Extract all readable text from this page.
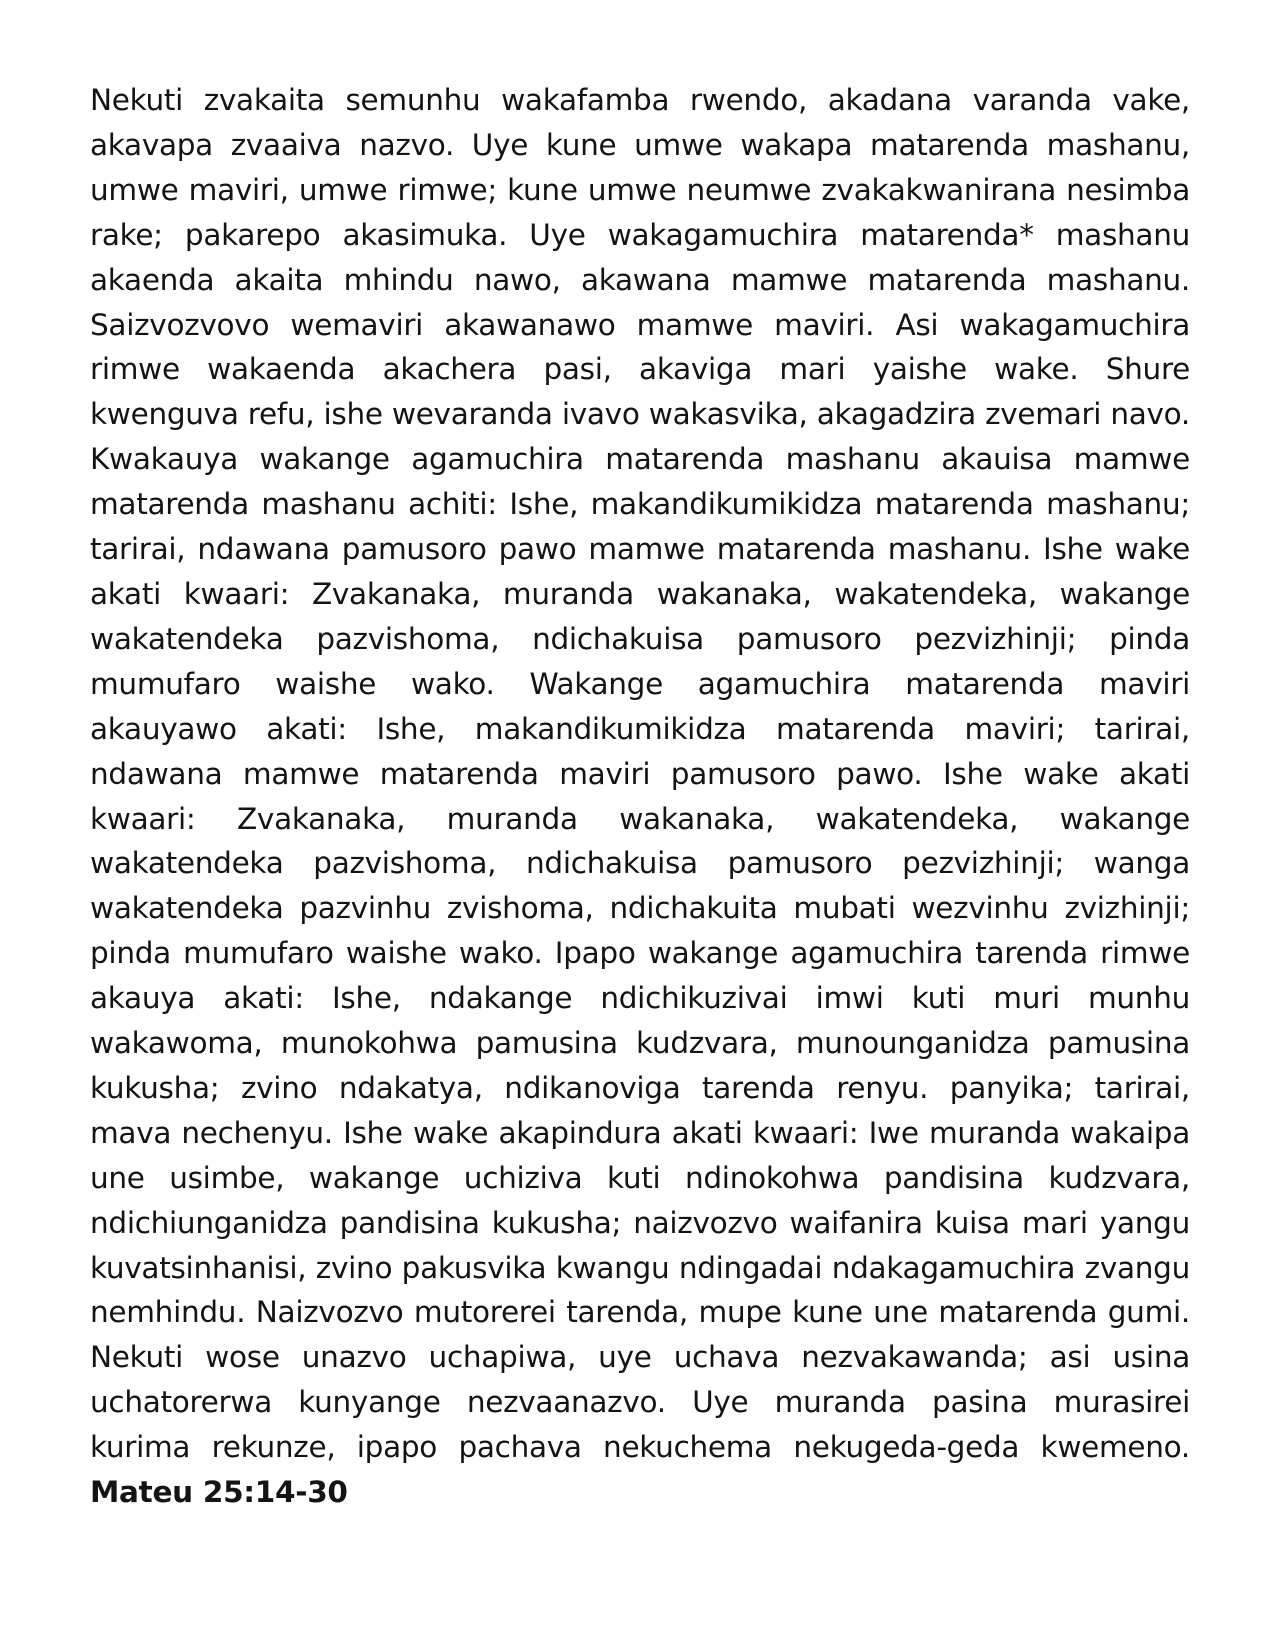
Nekuti zvakaita semunhu wakafamba rwendo, akadana varanda vake, akavapa zvaaiva nazvo. Uye kune umwe wakapa matarenda mashanu, umwe maviri, umwe rimwe; kune umwe neumwe zvakakwanirana nesimba rake; pakarepo akasimuka. Uye wakagamuchira matarenda* mashanu akaenda akaita mhindu nawo, akawana mamwe matarenda mashanu. Saizvozvovo wemaviri akawanawo mamwe maviri. Asi wakagamuchira rimwe wakaenda akachera pasi, akaviga mari yaishe wake. Shure kwenguva refu, ishe wevaranda ivavo wakasvika, akagadzira zvemari navo. Kwakauya wakange agamuchira matarenda mashanu akauisa mamwe matarenda mashanu achiti: Ishe, makandikumikidza matarenda mashanu; tarirai, ndawana pamusoro pawo mamwe matarenda mashanu. Ishe wake akati kwaari: Zvakanaka, muranda wakanaka, wakatendeka, wakange wakatendeka pazvishoma, ndichakuisa pamusoro pezvizhinji; pinda mumufaro waishe wako. Wakange agamuchira matarenda maviri akauyawo akati: Ishe, makandikumikidza matarenda maviri; tarirai, ndawana mamwe matarenda maviri pamusoro pawo. Ishe wake akati kwaari: Zvakanaka, muranda wakanaka, wakatendeka, wakange wakatendeka pazvishoma, ndichakuisa pamusoro pezvizhinji; wanga wakatendeka pazvinhu zvishoma, ndichakuita mubati wezvinhu zvizhinji; pinda mumufaro waishe wako. Ipapo wakange agamuchira tarenda rimwe akauya akati: Ishe, ndakange ndichikuzivai imwi kuti muri munhu wakawoma, munokohwa pamusina kudzvara, munounganidza pamusina kukusha; zvino ndakatya, ndikanoviga tarenda renyu. panyika; tarirai, mava nechenyu. Ishe wake akapindura akati kwaari: Iwe muranda wakaipa une usimbe, wakange uchiziva kuti ndinokohwa pandisina kudzvara, ndichiunganidza pandisina kukusha; naizvozvo waifanira kuisa mari yangu kuvatsinhanisi, zvino pakusvika kwangu ndingadai ndakagamuchira zvangu nemhindu. Naizvozvo mutorerei tarenda, mupe kune une matarenda gumi. Nekuti wose unazvo uchapiwa, uye uchava nezvakawanda; asi usina uchatorerwa kunyange nezvaanazvo. Uye muranda pasina murasirei kurima rekunze, ipapo pachava nekuchema nekugeda-geda kwemeno. Mateu 25:14-30
